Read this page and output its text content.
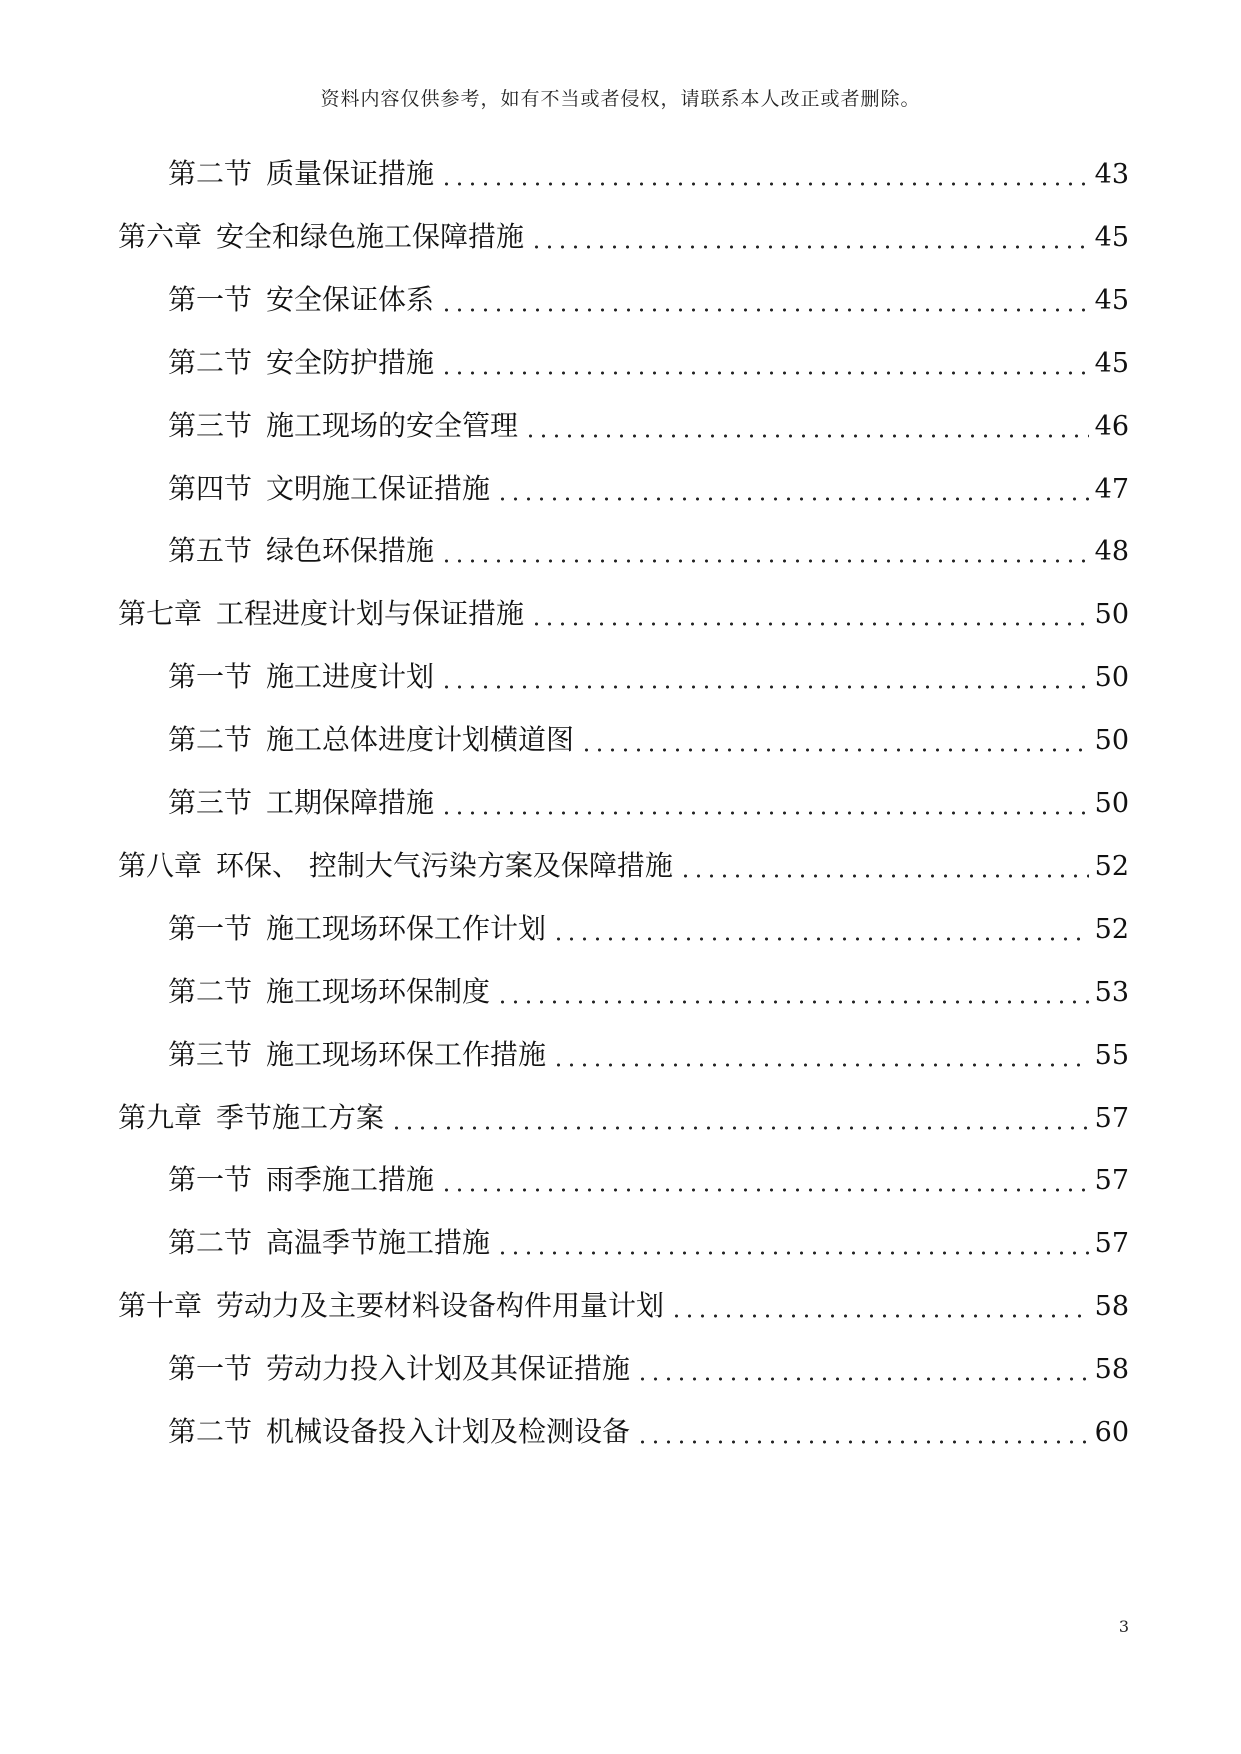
资料内容仅供参考，如有不当或者侵权，请联系本人改正或者删除。
第二节 质量保证措施	43
第六章 安全和绿色施工保障措施	45
第一节 安全保证体系	45
第二节 安全防护措施	45
第三节 施工现场的安全管理	46
第四节 文明施工保证措施	47
第五节 绿色环保措施	48
第七章 工程进度计划与保证措施	50
第一节 施工进度计划	50
第二节 施工总体进度计划横道图	50
第三节 工期保障措施	50
第八章 环保、 控制大气污染方案及保障措施	52
第一节 施工现场环保工作计划	52
第二节 施工现场环保制度	53
第三节 施工现场环保工作措施	55
第九章 季节施工方案	57
第一节 雨季施工措施	57
第二节 高温季节施工措施	57
第十章 劳动力及主要材料设备构件用量计划	58
第一节 劳动力投入计划及其保证措施	58
第二节 机械设备投入计划及检测设备	60
3
